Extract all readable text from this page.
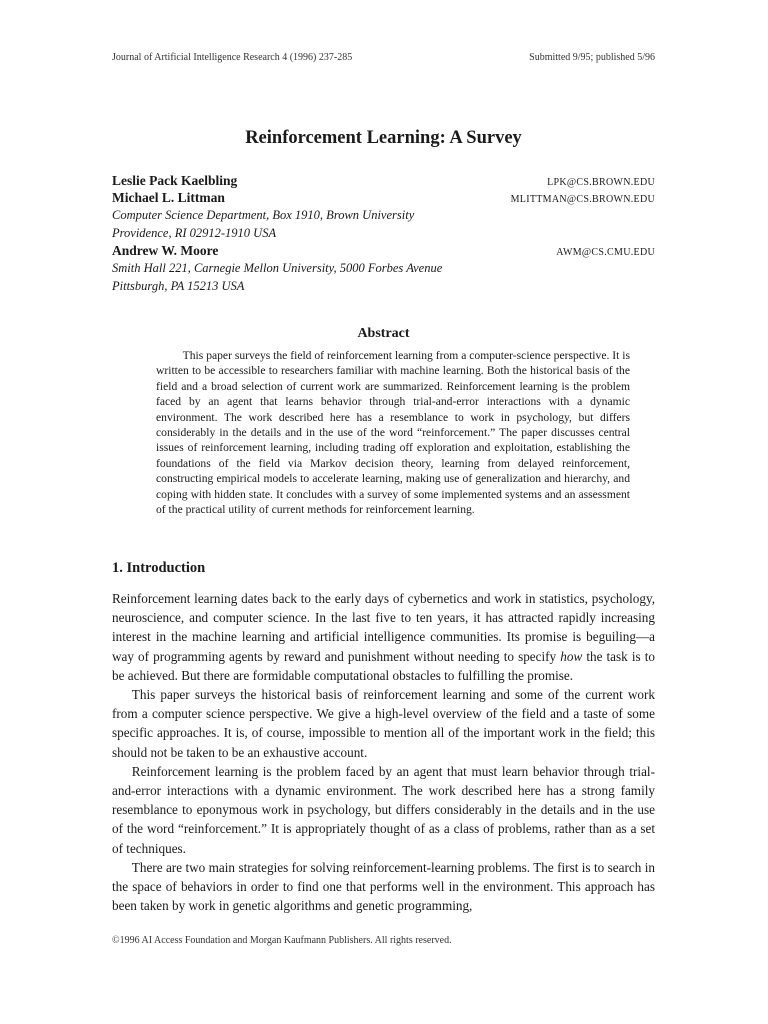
Journal of Artificial Intelligence Research 4 (1996) 237-285	Submitted 9/95; published 5/96
Reinforcement Learning: A Survey
Leslie Pack Kaelbling	LPK@CS.BROWN.EDU
Michael L. Littman	MLITTMAN@CS.BROWN.EDU
Computer Science Department, Box 1910, Brown University
Providence, RI 02912-1910 USA
Andrew W. Moore	AWM@CS.CMU.EDU
Smith Hall 221, Carnegie Mellon University, 5000 Forbes Avenue
Pittsburgh, PA 15213 USA
Abstract

This paper surveys the field of reinforcement learning from a computer-science perspective. It is written to be accessible to researchers familiar with machine learning. Both the historical basis of the field and a broad selection of current work are summarized. Reinforcement learning is the problem faced by an agent that learns behavior through trial-and-error interactions with a dynamic environment. The work described here has a resemblance to work in psychology, but differs considerably in the details and in the use of the word “reinforcement.” The paper discusses central issues of reinforcement learning, including trading off exploration and exploitation, establishing the foundations of the field via Markov decision theory, learning from delayed reinforcement, constructing empirical models to accelerate learning, making use of generalization and hierarchy, and coping with hidden state. It concludes with a survey of some implemented systems and an assessment of the practical utility of current methods for reinforcement learning.

1. Introduction

Reinforcement learning dates back to the early days of cybernetics and work in statistics, psychology, neuroscience, and computer science. In the last five to ten years, it has attracted rapidly increasing interest in the machine learning and artificial intelligence communities. Its promise is beguiling—a way of programming agents by reward and punishment without needing to specify how the task is to be achieved. But there are formidable computational obstacles to fulfilling the promise.

This paper surveys the historical basis of reinforcement learning and some of the current work from a computer science perspective. We give a high-level overview of the field and a taste of some specific approaches. It is, of course, impossible to mention all of the important work in the field; this should not be taken to be an exhaustive account.

Reinforcement learning is the problem faced by an agent that must learn behavior through trial-and-error interactions with a dynamic environment. The work described here has a strong family resemblance to eponymous work in psychology, but differs considerably in the details and in the use of the word “reinforcement.” It is appropriately thought of as a class of problems, rather than as a set of techniques.

There are two main strategies for solving reinforcement-learning problems. The first is to search in the space of behaviors in order to find one that performs well in the environment. This approach has been taken by work in genetic algorithms and genetic programming,

©1996 AI Access Foundation and Morgan Kaufmann Publishers. All rights reserved.
